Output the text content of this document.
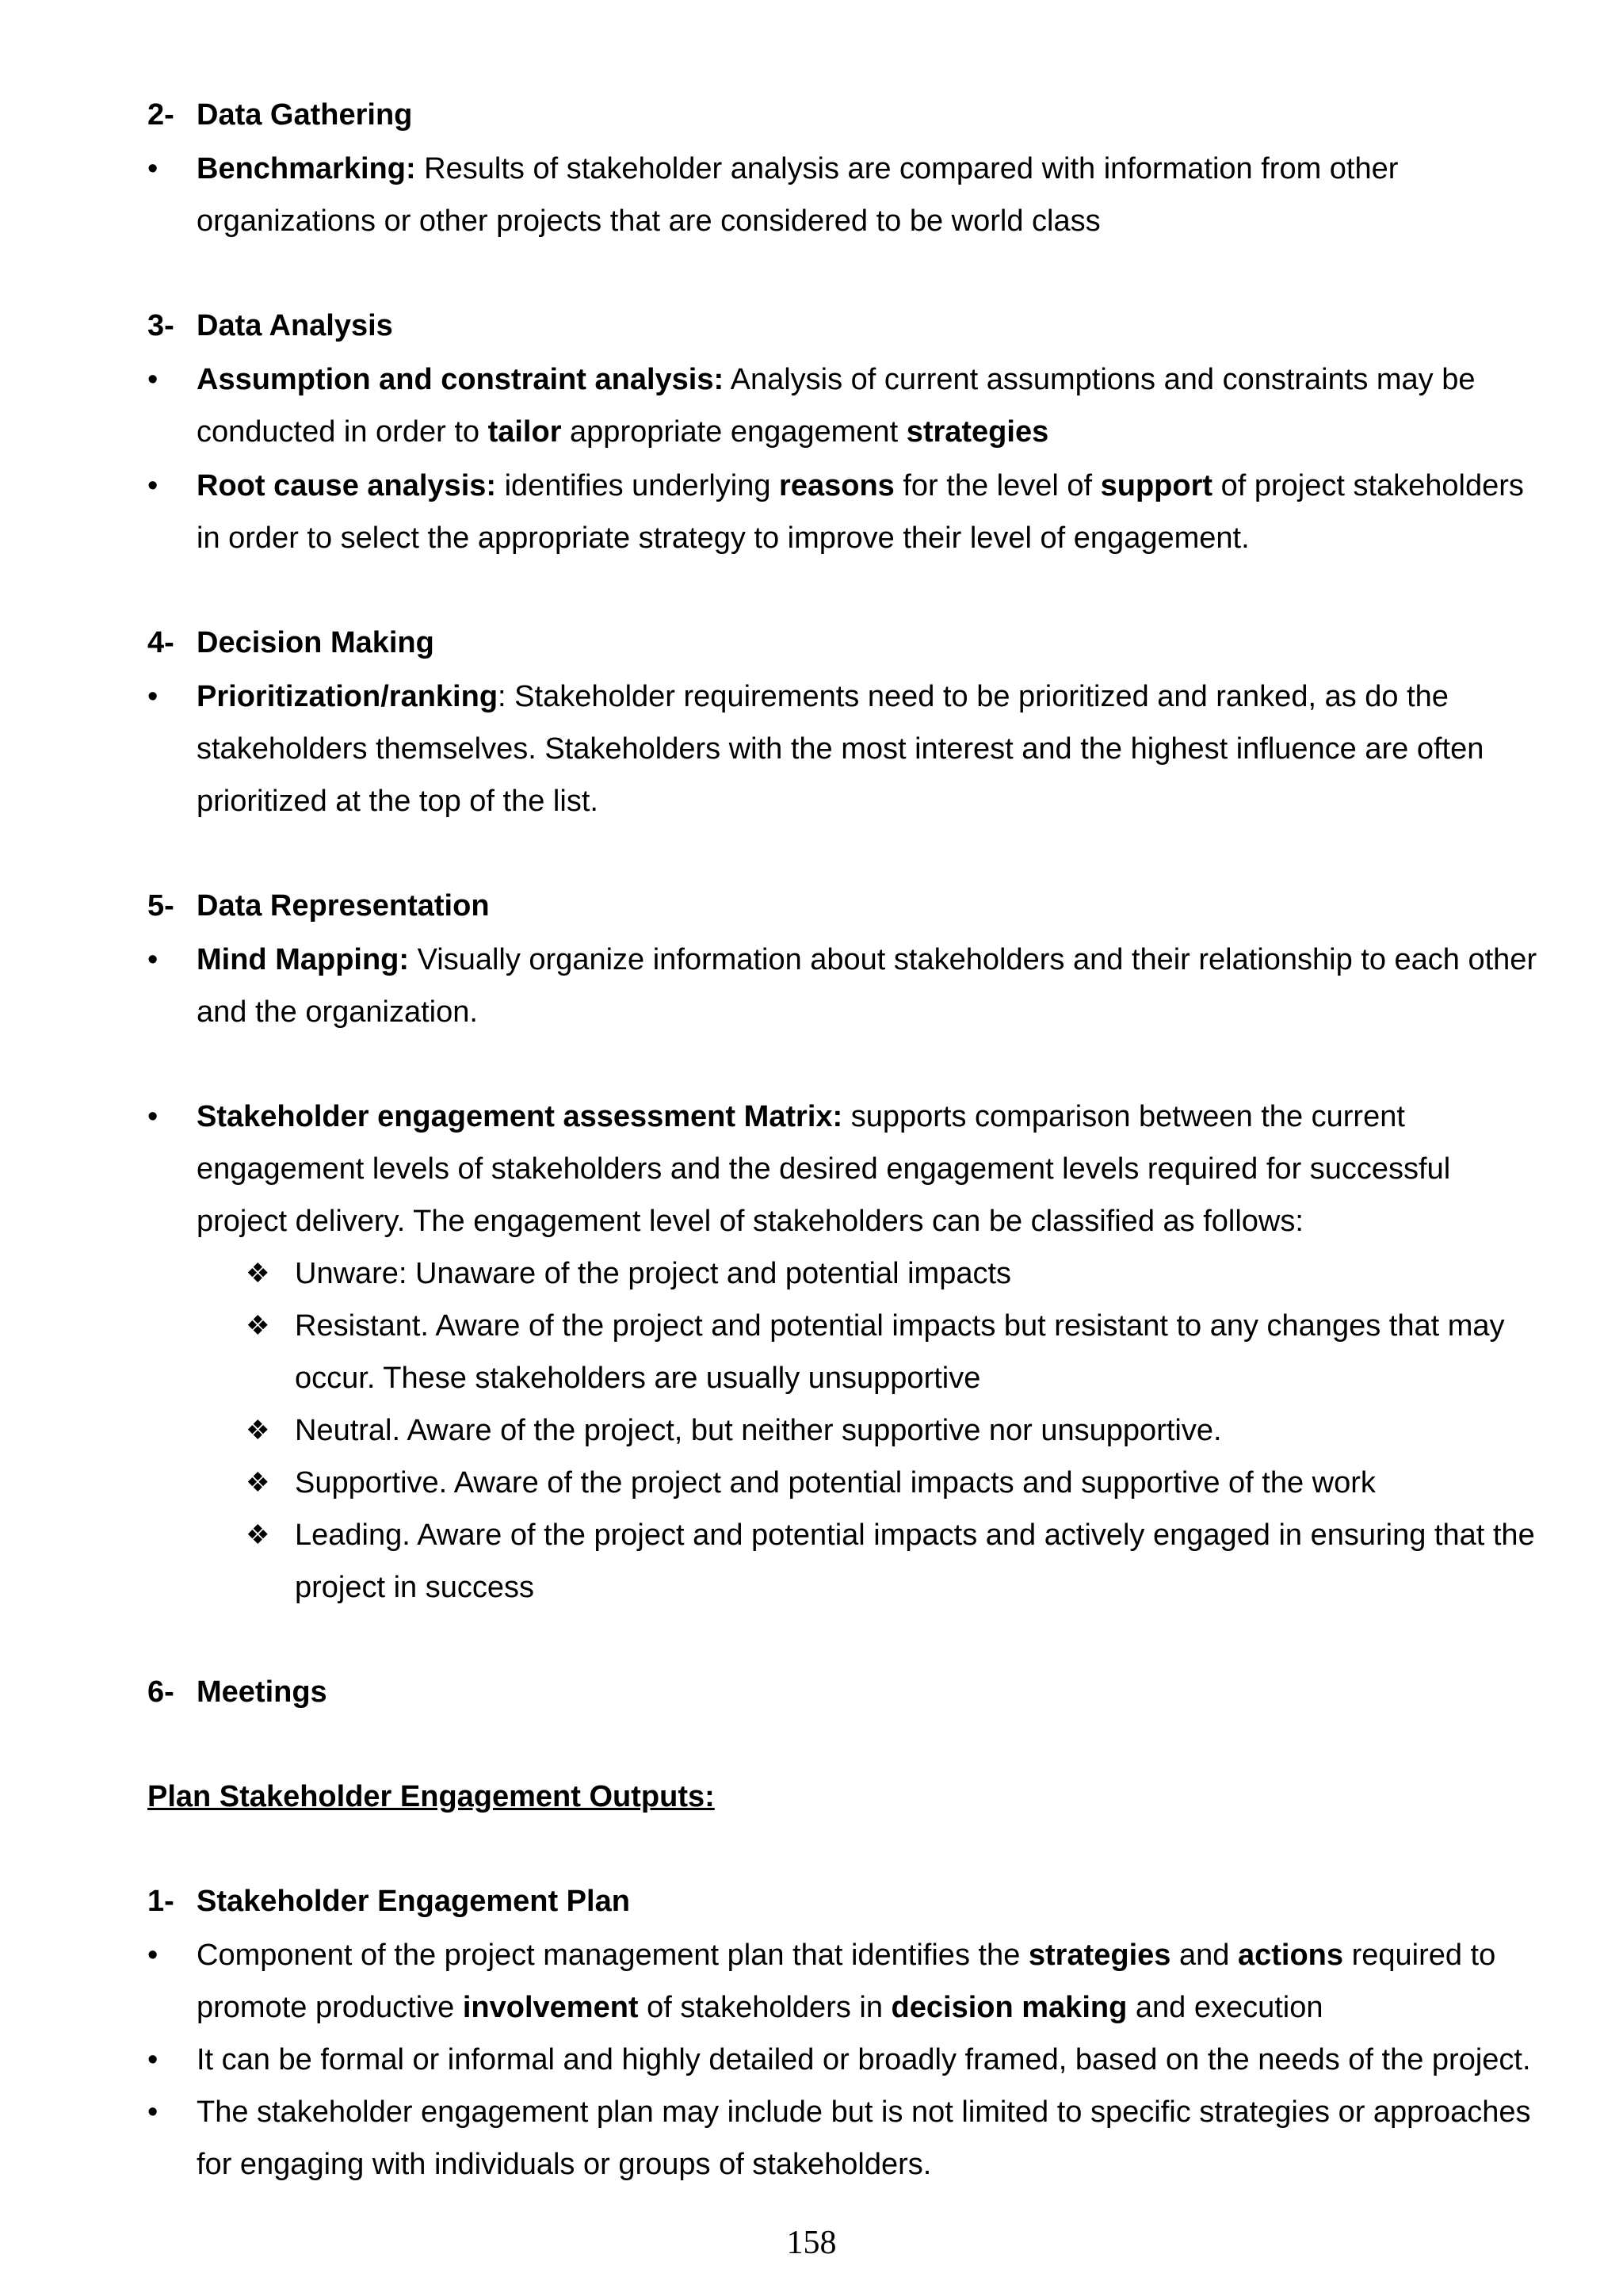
2- Data Gathering
•	Benchmarking: Results of stakeholder analysis are compared with information from other organizations or other projects that are considered to be world class
3- Data Analysis
•	Assumption and constraint analysis: Analysis of current assumptions and constraints may be conducted in order to tailor appropriate engagement strategies
•	Root cause analysis: identifies underlying reasons for the level of support of project stakeholders in order to select the appropriate strategy to improve their level of engagement.
4- Decision Making
•	Prioritization/ranking: Stakeholder requirements need to be prioritized and ranked, as do the stakeholders themselves. Stakeholders with the most interest and the highest influence are often prioritized at the top of the list.
5- Data Representation
•	Mind Mapping: Visually organize information about stakeholders and their relationship to each other and the organization.
•	Stakeholder engagement assessment Matrix: supports comparison between the current engagement levels of stakeholders and the desired engagement levels required for successful project delivery. The engagement level of stakeholders can be classified as follows:
❖ Unware: Unaware of the project and potential impacts
❖ Resistant. Aware of the project and potential impacts but resistant to any changes that may occur. These stakeholders are usually unsupportive
❖ Neutral. Aware of the project, but neither supportive nor unsupportive.
❖ Supportive. Aware of the project and potential impacts and supportive of the work
❖ Leading. Aware of the project and potential impacts and actively engaged in ensuring that the project in success
6- Meetings
Plan Stakeholder Engagement Outputs:
1- Stakeholder Engagement Plan
•	Component of the project management plan that identifies the strategies and actions required to promote productive involvement of stakeholders in decision making and execution
•	It can be formal or informal and highly detailed or broadly framed, based on the needs of the project.
•	The stakeholder engagement plan may include but is not limited to specific strategies or approaches for engaging with individuals or groups of stakeholders.
158
